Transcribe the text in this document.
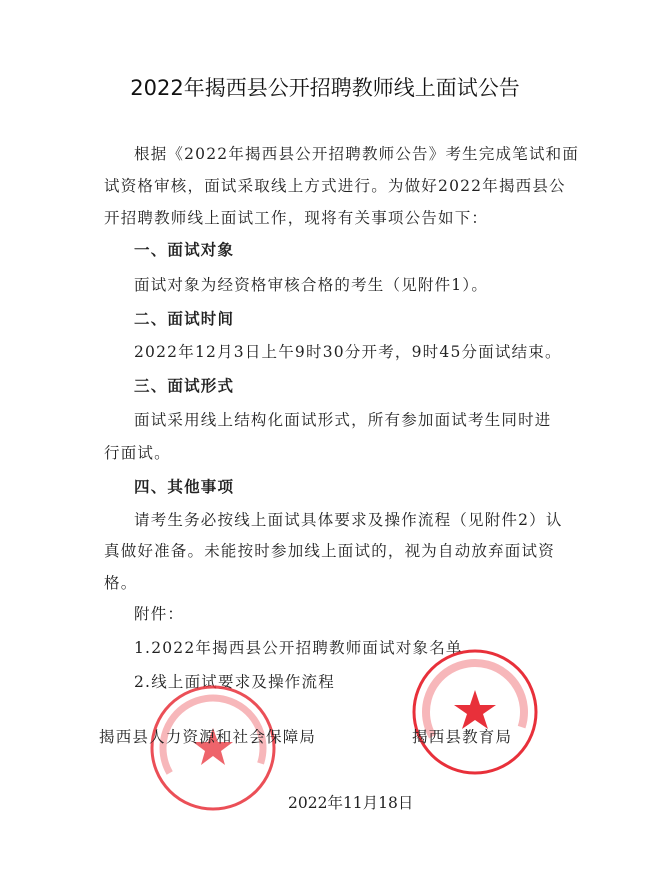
2022年揭西县公开招聘教师线上面试公告
根据《2022年揭西县公开招聘教师公告》考生完成笔试和面
试资格审核，面试采取线上方式进行。为做好2022年揭西县公
开招聘教师线上面试工作，现将有关事项公告如下：
一、面试对象
面试对象为经资格审核合格的考生（见附件1）。
二、面试时间
2022年12月3日上午9时30分开考，9时45分面试结束。
三、面试形式
面试采用线上结构化面试形式，所有参加面试考生同时进
行面试。
四、其他事项
请考生务必按线上面试具体要求及操作流程（见附件2）认
真做好准备。未能按时参加线上面试的，视为自动放弃面试资
格。
附件：
1.2022年揭西县公开招聘教师面试对象名单
2.线上面试要求及操作流程
揭西县人力资源和社会保障局	揭西县教育局
2022年11月18日
